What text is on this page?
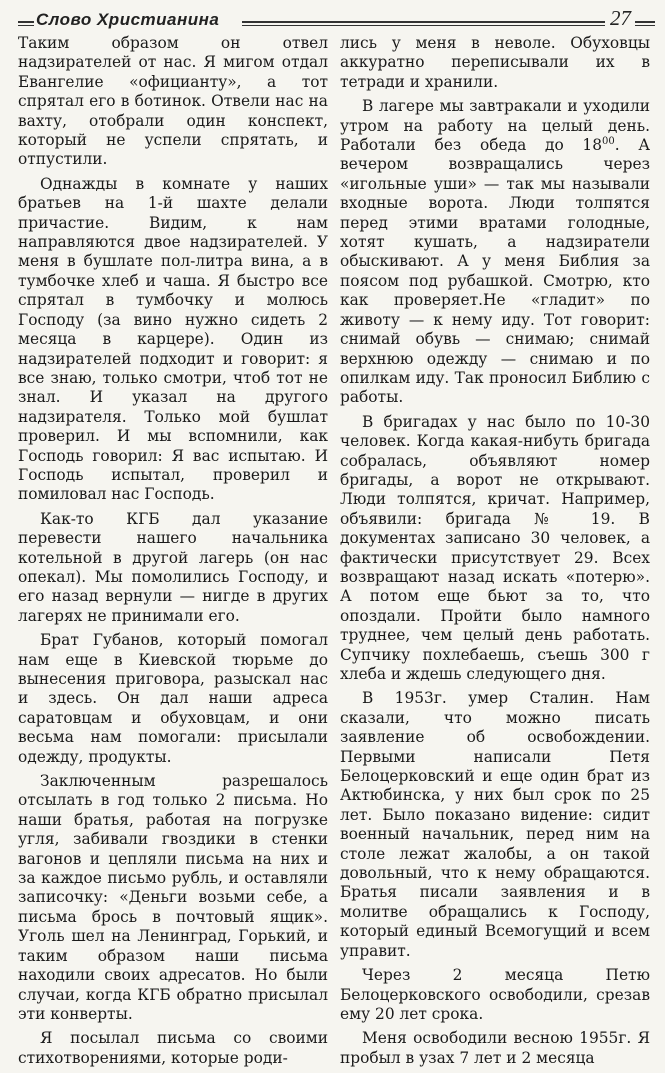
Слово Христианина	27

Таким образом он отвел надзирателей от нас. Я мигом отдал Евангелие «официанту», а тот спрятал его в ботинок. Отвели нас на вахту, отобрали один конспект, который не успели спрятать, и отпустили.

Однажды в комнате у наших братьев на 1-й шахте делали причастие. Видим, к нам направляются двое надзирателей. У меня в бушлате пол-литра вина, а в тумбочке хлеб и чаша. Я быстро все спрятал в тумбочку и молюсь Господу (за вино нужно сидеть 2 месяца в карцере). Один из надзирателей подходит и говорит: я все знаю, только смотри, чтоб тот не знал. И указал на другого надзирателя. Только мой бушлат проверил. И мы вспомнили, как Господь говорил: Я вас испытаю. И Господь испытал, проверил и помиловал нас Господь.

Как-то КГБ дал указание перевести нашего начальника котельной в другой лагерь (он нас опекал). Мы помолились Господу, и его назад вернули — нигде в других лагерях не принимали его.

Брат Губанов, который помогал нам еще в Киевской тюрьме до вынесения приговора, разыскал нас и здесь. Он дал наши адреса саратовцам и обуховцам, и они весьма нам помогали: присылали одежду, продукты.

Заключенным разрешалось отсылать в год только 2 письма. Но наши братья, работая на погрузке угля, забивали гвоздики в стенки вагонов и цепляли письма на них и за каждое письмо рубль, и оставляли записочку: «Деньги возьми себе, а письма брось в почтовый ящик». Уголь шел на Ленинград, Горький, и таким образом наши письма находили своих адресатов. Но были случаи, когда КГБ обратно присылал эти конверты.

Я посылал письма со своими стихотворениями, которые роди-

лись у меня в неволе. Обуховцы аккуратно переписывали их в тетради и хранили.

В лагере мы завтракали и уходили утром на работу на целый день. Работали без обеда до $18^{00}$. А вечером возвращались через «игольные уши» — так мы называли входные ворота. Люди толпятся перед этими вратами голодные, хотят кушать, а надзиратели обыскивают. А у меня Библия за поясом под рубашкой. Смотрю, кто как проверяет.Не «гладит» по животу — к нему иду. Тот говорит: снимай обувь — снимаю; снимай верхнюю одежду — снимаю и по опилкам иду. Так проносил Библию с работы.

В бригадах у нас было по 10-30 человек. Когда какая-нибуть бригада собралась, объявляют номер бригады, а ворот не открывают. Люди толпятся, кричат. Например, объявили: бригада № 19. В документах записано 30 человек, а фактически присутствует 29. Всех возвращают назад искать «потерю». А потом еще бьют за то, что опоздали. Пройти было намного труднее, чем целый день работать. Супчику похлебаешь, съешь 300 г хлеба и ждешь следующего дня.

В 1953г. умер Сталин. Нам сказали, что можно писать заявление об освобождении. Первыми написали Петя Белоцерковский и еще один брат из Актюбинска, у них был срок по 25 лет. Было показано видение: сидит военный начальник, перед ним на столе лежат жалобы, а он такой довольный, что к нему обращаются. Братья писали заявления и в молитве обращались к Господу, который единый Всемогущий и всем управит.

Через 2 месяца Петю Белоцерковского освободили, срезав ему 20 лет срока.

Меня освободили весною 1955г. Я пробыл в узах 7 лет и 2 месяца
